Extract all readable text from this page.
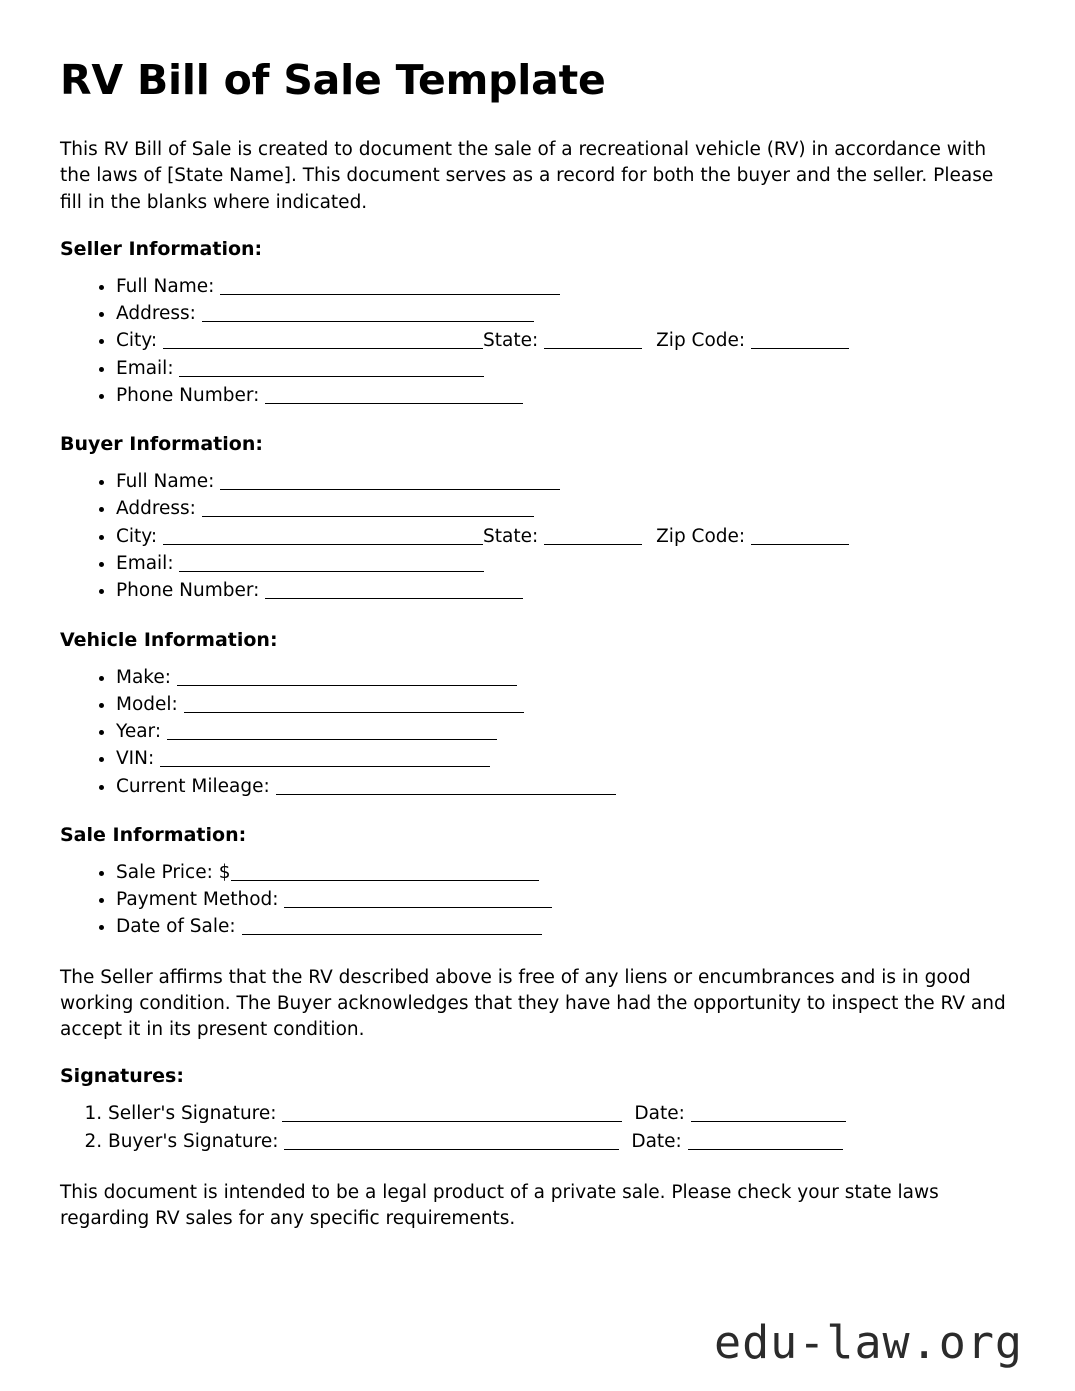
RV Bill of Sale Template

This RV Bill of Sale is created to document the sale of a recreational vehicle (RV) in accordance with the laws of [State Name]. This document serves as a record for both the buyer and the seller. Please fill in the blanks where indicated.

Seller Information:
• Full Name:
• Address:
• City:	State:	Zip Code:
• Email:
• Phone Number:
Buyer Information:
• Full Name:
• Address:
• City:	State:	Zip Code:
• Email:
• Phone Number:
Vehicle Information:
• Make:
• Model:
• Year:
• VIN:
• Current Mileage:
Sale Information:
• Sale Price: $
• Payment Method:
• Date of Sale:

The Seller affirms that the RV described above is free of any liens or encumbrances and is in good working condition. The Buyer acknowledges that they have had the opportunity to inspect the RV and accept it in its present condition.

Signatures:
1. Seller's Signature:	Date:
2. Buyer's Signature:	Date:

This document is intended to be a legal product of a private sale. Please check your state laws regarding RV sales for any specific requirements.

edu-law.org
